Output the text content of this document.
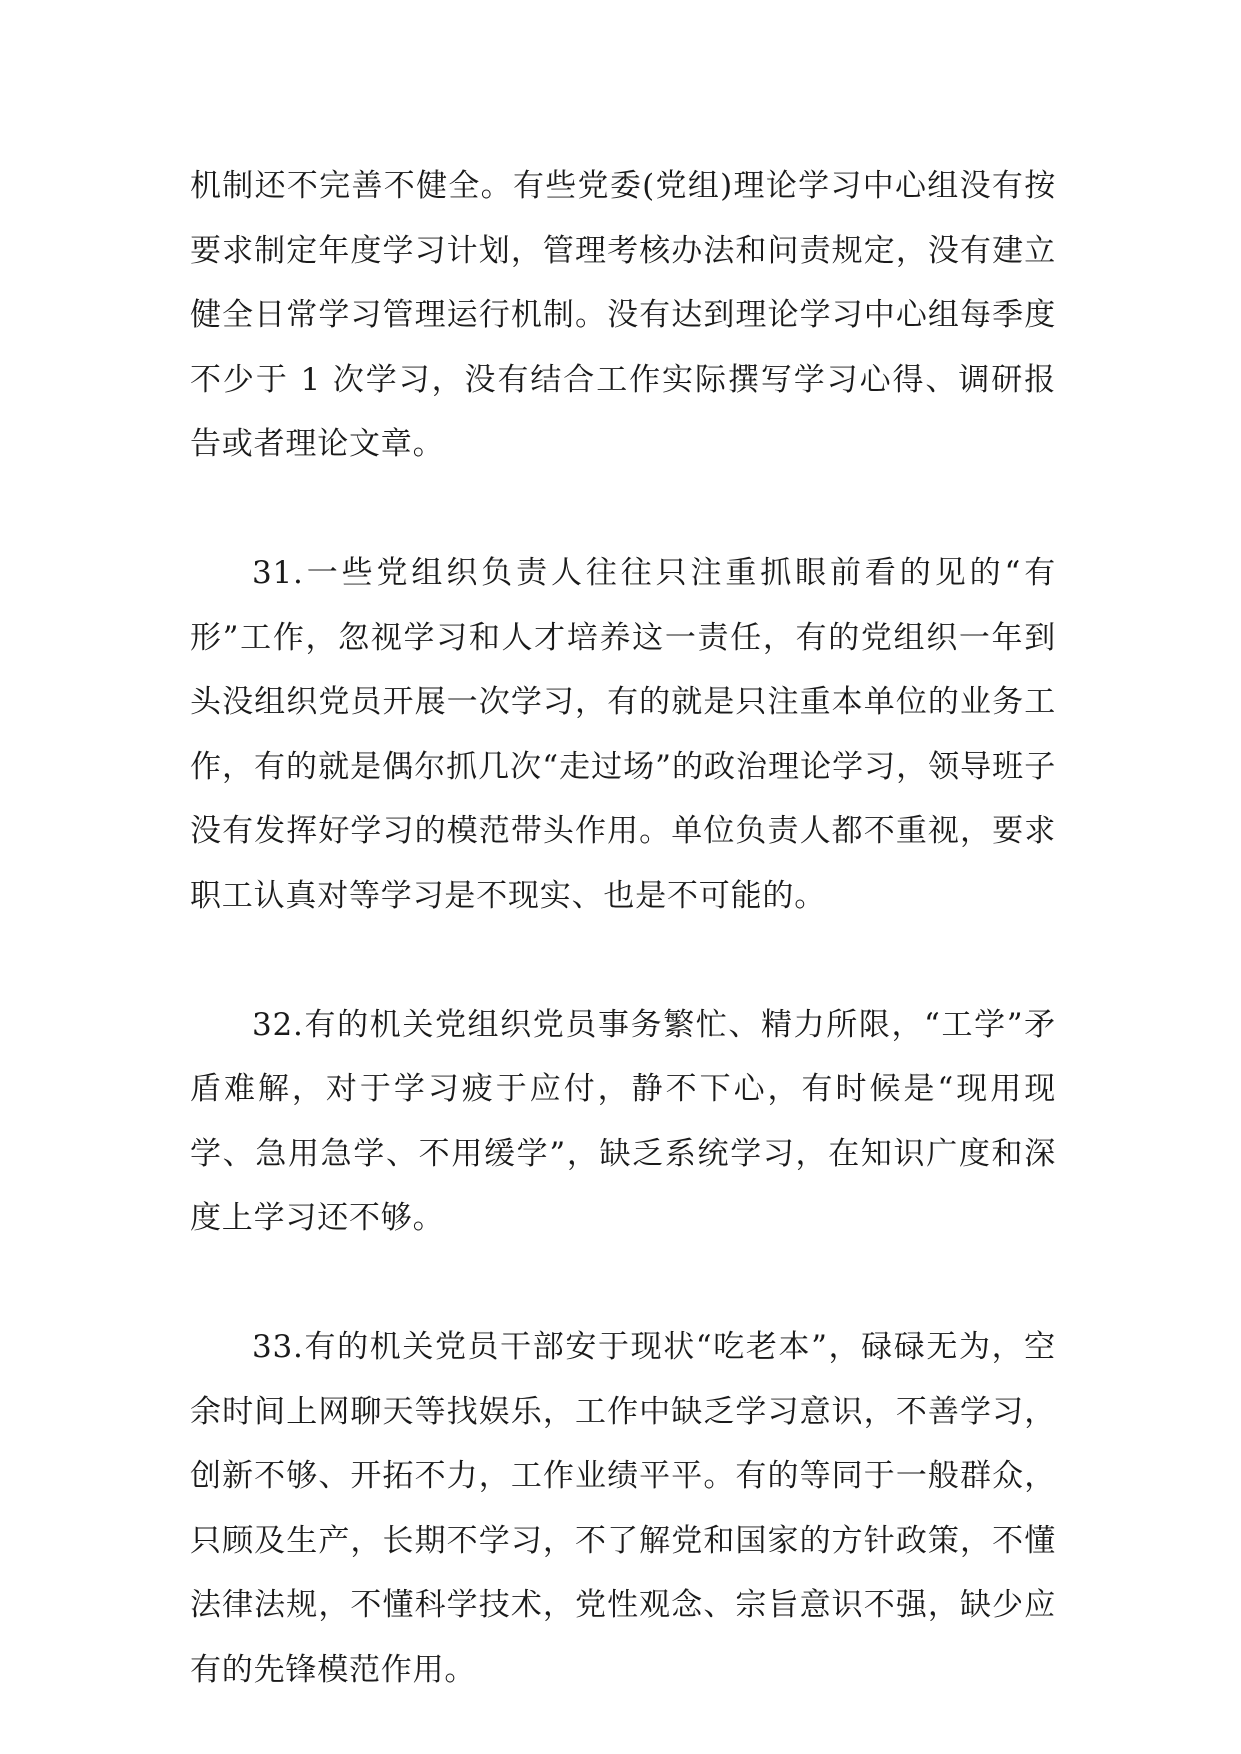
机制还不完善不健全。有些党委(党组)理论学习中心组没有按要求制定年度学习计划，管理考核办法和问责规定，没有建立健全日常学习管理运行机制。没有达到理论学习中心组每季度不少于 1 次学习，没有结合工作实际撰写学习心得、调研报告或者理论文章。

31.一些党组织负责人往往只注重抓眼前看的见的“有形”工作，忽视学习和人才培养这一责任，有的党组织一年到头没组织党员开展一次学习，有的就是只注重本单位的业务工作，有的就是偶尔抓几次“走过场”的政治理论学习，领导班子没有发挥好学习的模范带头作用。单位负责人都不重视，要求职工认真对等学习是不现实、也是不可能的。

32.有的机关党组织党员事务繁忙、精力所限，“工学”矛盾难解，对于学习疲于应付，静不下心，有时候是“现用现学、急用急学、不用缓学”，缺乏系统学习，在知识广度和深度上学习还不够。

33.有的机关党员干部安于现状“吃老本”，碌碌无为，空余时间上网聊天等找娱乐，工作中缺乏学习意识，不善学习，创新不够、开拓不力，工作业绩平平。有的等同于一般群众，只顾及生产，长期不学习，不了解党和国家的方针政策，不懂法律法规，不懂科学技术，党性观念、宗旨意识不强，缺少应有的先锋模范作用。
